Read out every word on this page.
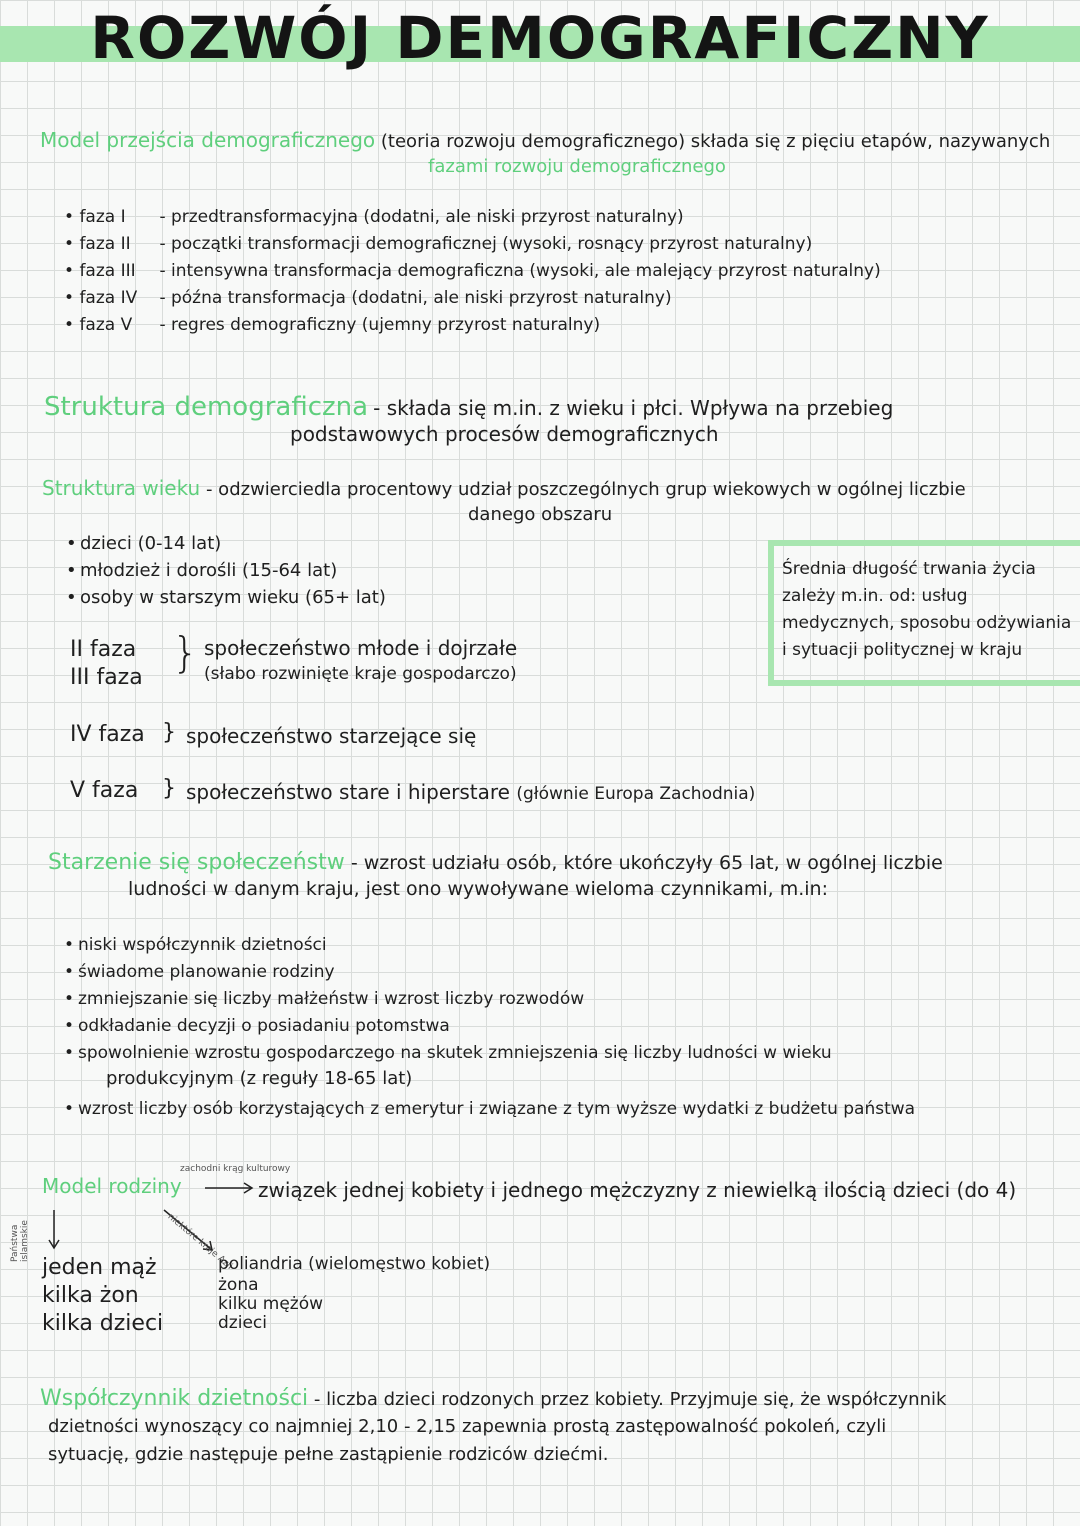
ROZWÓJ DEMOGRAFICZNY
Model przejścia demograficznego (teoria rozwoju demograficznego) składa się z pięciu etapów, nazywanych
fazami rozwoju demograficznego
• faza I - przedtransformacyjna (dodatni, ale niski przyrost naturalny)
• faza II - początki transformacji demograficznej (wysoki, rosnący przyrost naturalny)
• faza III - intensywna transformacja demograficzna (wysoki, ale malejący przyrost naturalny)
• faza IV - późna transformacja (dodatni, ale niski przyrost naturalny)
• faza V - regres demograficzny (ujemny przyrost naturalny)
Struktura demograficzna - składa się m.in. z wieku i płci. Wpływa na przebieg
podstawowych procesów demograficznych
Struktura wieku - odzwierciedla procentowy udział poszczególnych grup wiekowych w ogólnej liczbie
danego obszaru
• dzieci (0-14 lat)
• młodzież i dorośli (15-64 lat)
• osoby w starszym wieku (65+ lat)
II faza
III faza
} społeczeństwo młode i dojrzałe
(słabo rozwinięte kraje gospodarczo)
IV faza } społeczeństwo starzejące się
V faza } społeczeństwo stare i hiperstare (głównie Europa Zachodnia)
Średnia długość trwania życia zależy m.in. od: usług medycznych, sposobu odżywiania i sytuacji politycznej w kraju
Starzenie się społeczeństw - wzrost udziału osób, które ukończyły 65 lat, w ogólnej liczbie
ludności w danym kraju, jest ono wywoływane wieloma czynnikami, m.in:
• niski współczynnik dzietności
• świadome planowanie rodziny
• zmniejszanie się liczby małżeństw i wzrost liczby rozwodów
• odkładanie decyzji o posiadaniu potomstwa
• spowolnienie wzrostu gospodarczego na skutek zmniejszenia się liczby ludności w wieku
produkcyjnym (z reguły 18-65 lat)
• wzrost liczby osób korzystających z emerytur i związane z tym wyższe wydatki z budżetu państwa
Model rodziny
zachodni krąg kulturowy
związek jednej kobiety i jednego mężczyzny z niewielką ilością dzieci (do 4)
Państwa islamskie	niektóre kraje Azji
jeden mąż
kilka żon
kilka dzieci
poliandria (wielomęstwo kobiet)
żona
kilku mężów
dzieci
Współczynnik dzietności - liczba dzieci rodzonych przez kobiety. Przyjmuje się, że współczynnik
dzietności wynoszący co najmniej 2,10 - 2,15 zapewnia prostą zastępowalność pokoleń, czyli
sytuację, gdzie następuje pełne zastąpienie rodziców dziećmi.
